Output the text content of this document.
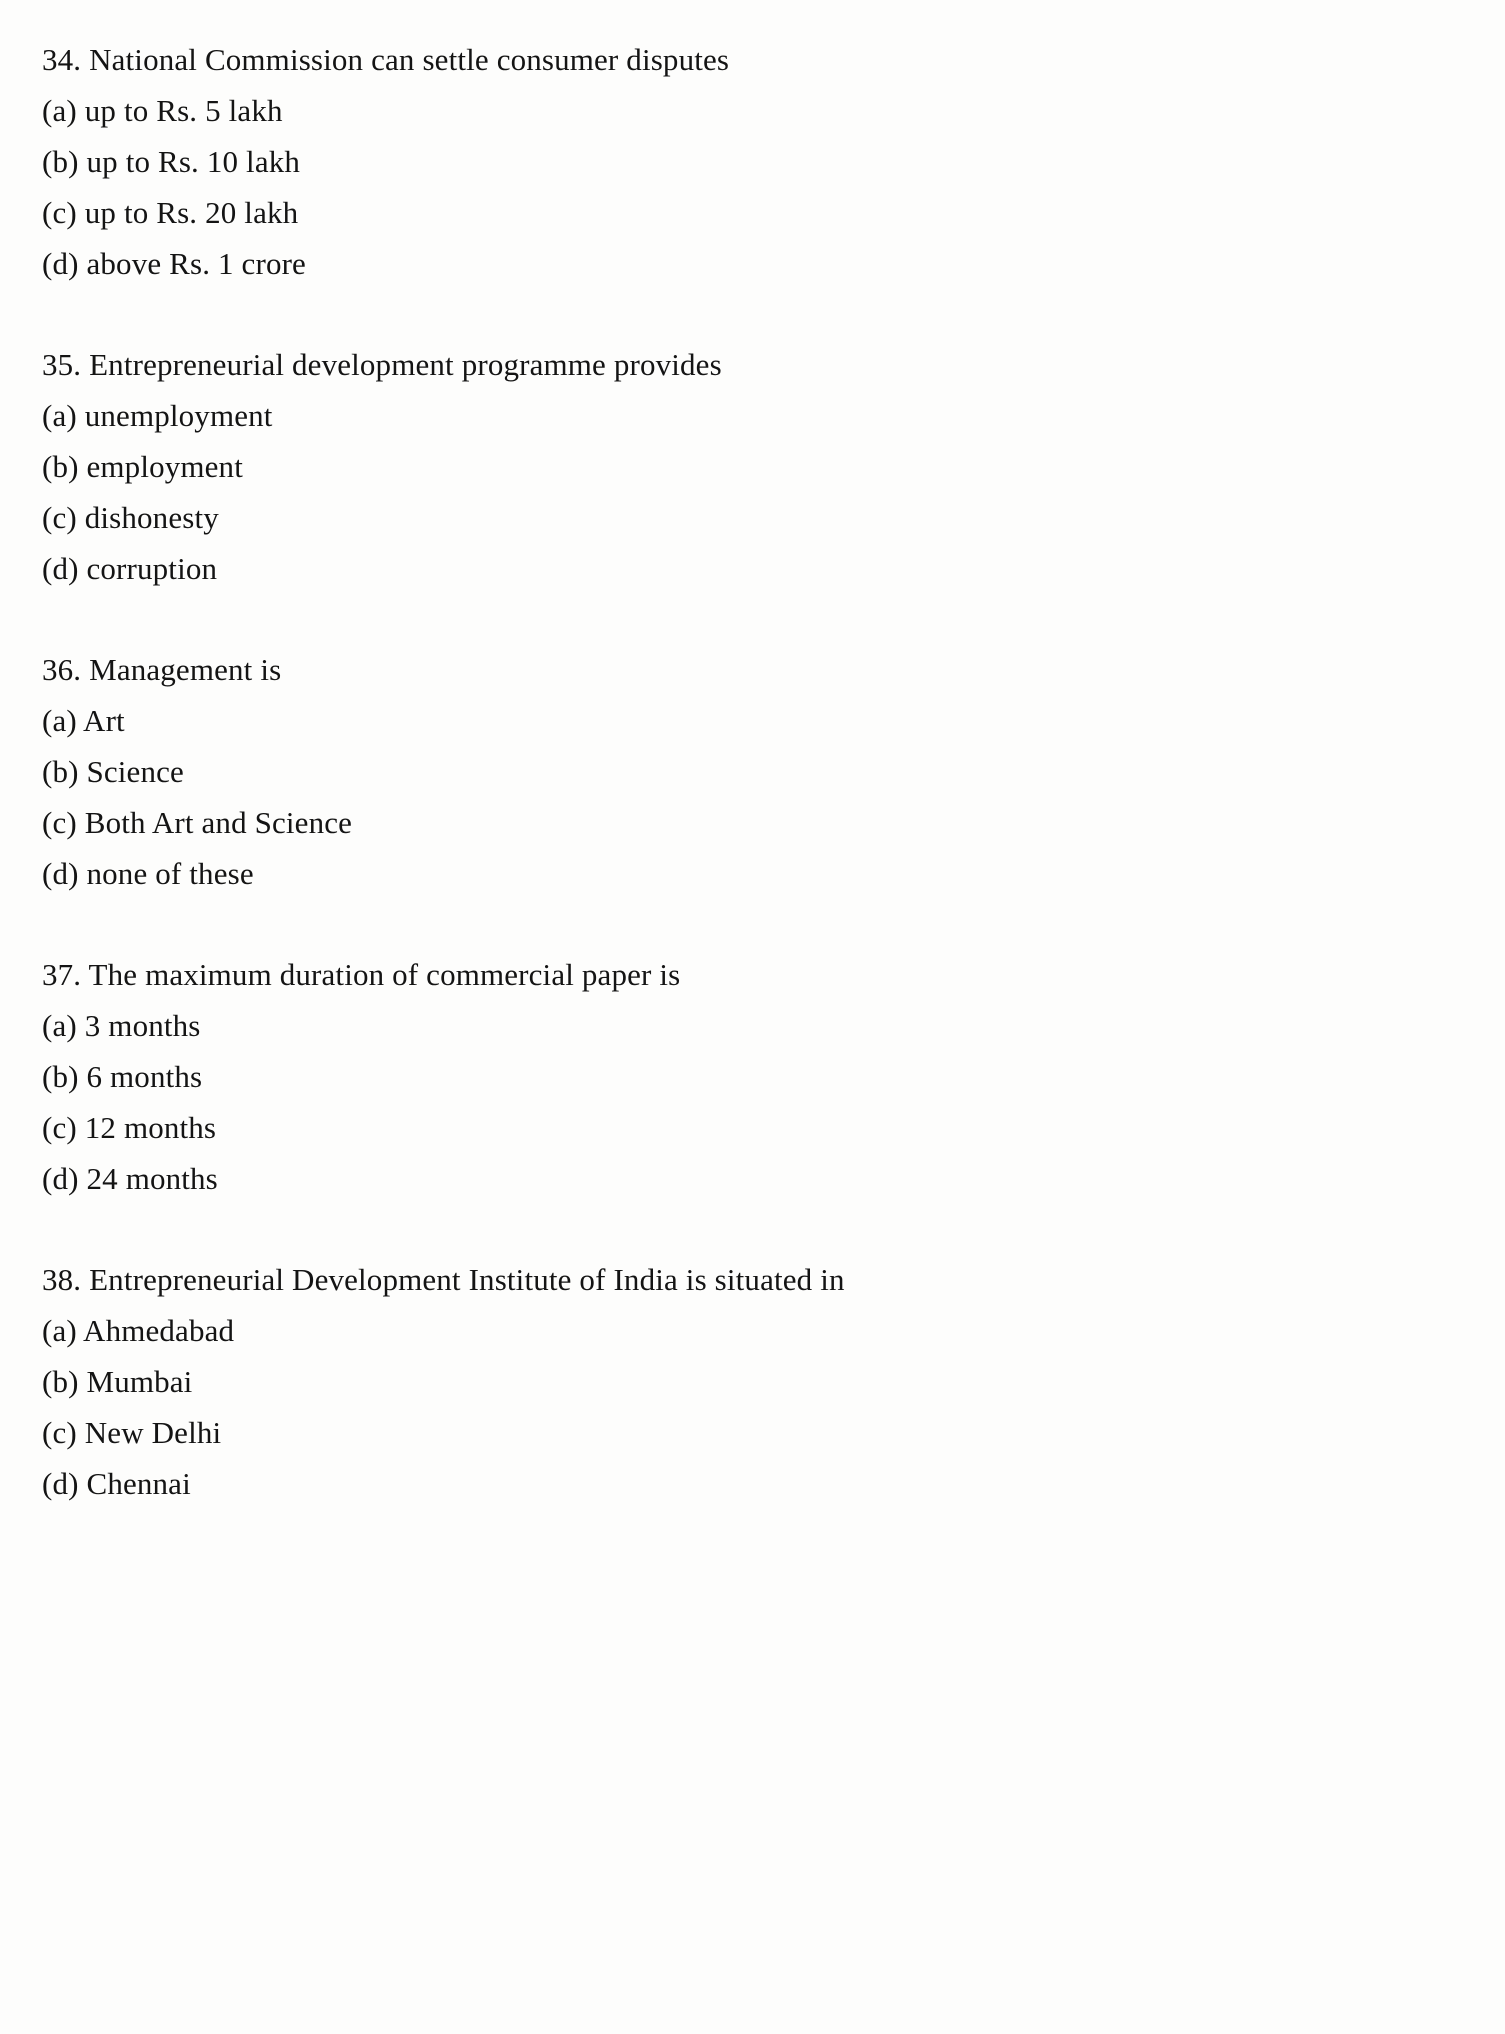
34. National Commission can settle consumer disputes
(a) up to Rs. 5 lakh
(b) up to Rs. 10 lakh
(c) up to Rs. 20 lakh
(d) above Rs. 1 crore
35. Entrepreneurial development programme provides
(a) unemployment
(b) employment
(c) dishonesty
(d) corruption
36. Management is
(a) Art
(b) Science
(c) Both Art and Science
(d) none of these
37. The maximum duration of commercial paper is
(a) 3 months
(b) 6 months
(c) 12 months
(d) 24 months
38. Entrepreneurial Development Institute of India is situated in
(a) Ahmedabad
(b) Mumbai
(c) New Delhi
(d) Chennai
